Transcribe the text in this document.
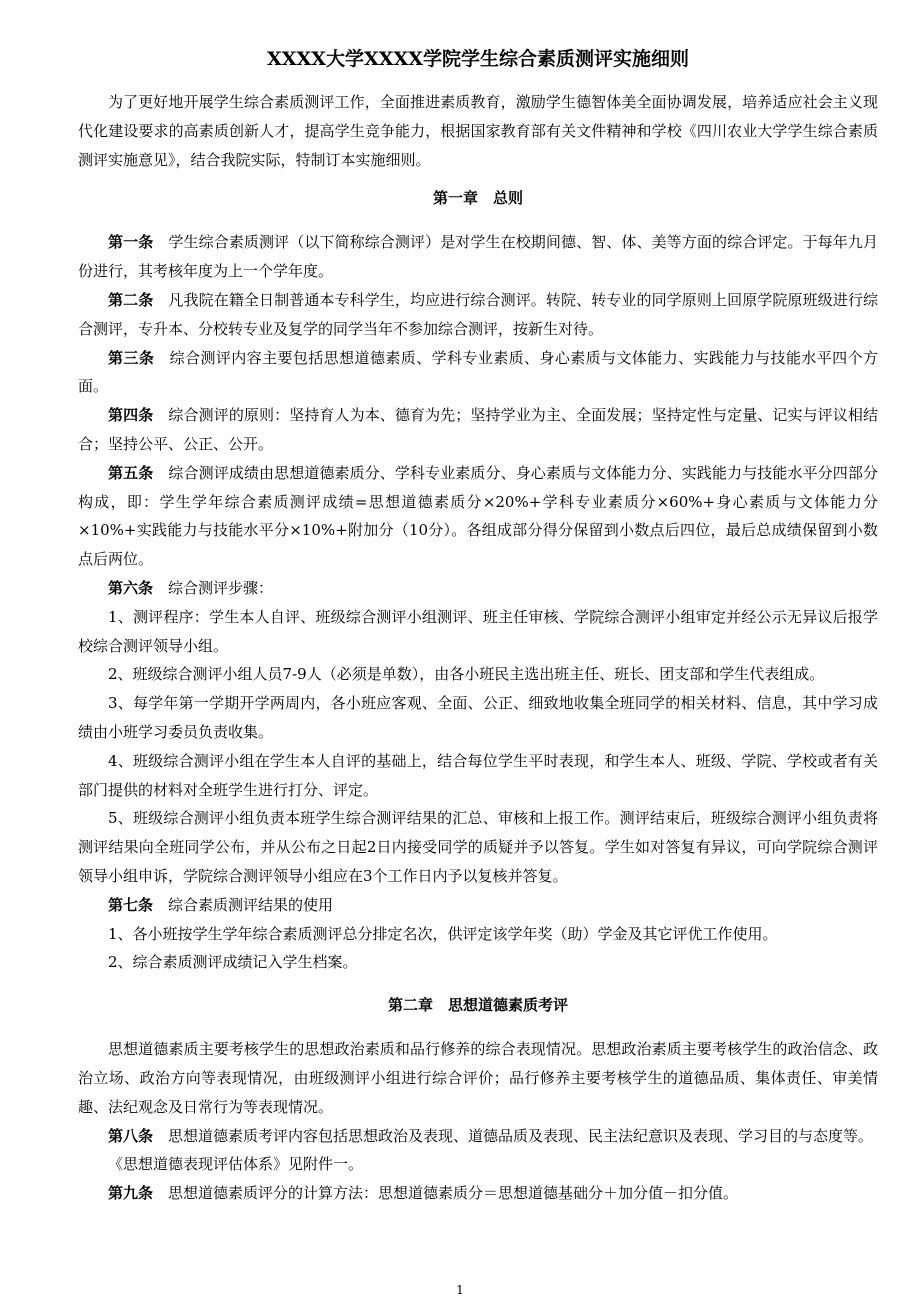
XXXX大学XXXX学院学生综合素质测评实施细则

为了更好地开展学生综合素质测评工作，全面推进素质教育，激励学生德智体美全面协调发展，培养适应社会主义现代化建设要求的高素质创新人才，提高学生竞争能力，根据国家教育部有关文件精神和学校《四川农业大学学生综合素质测评实施意见》，结合我院实际，特制订本实施细则。

第一章　总则

第一条　 学生综合素质测评（以下简称综合测评）是对学生在校期间德、智、体、美等方面的综合评定。于每年九月份进行，其考核年度为上一个学年度。

第二条　 凡我院在籍全日制普通本专科学生，均应进行综合测评。转院、转专业的同学原则上回原学院原班级进行综合测评，专升本、分校转专业及复学的同学当年不参加综合测评，按新生对待。

第三条　 综合测评内容主要包括思想道德素质、学科专业素质、身心素质与文体能力、实践能力与技能水平四个方面。

第四条　 综合测评的原则：坚持育人为本、德育为先；坚持学业为主、全面发展；坚持定性与定量、记实与评议相结合；坚持公平、公正、公开。

第五条　 综合测评成绩由思想道德素质分、学科专业素质分、身心素质与文体能力分、实践能力与技能水平分四部分构成，即：学生学年综合素质测评成绩=思想道德素质分×20%+学科专业素质分×60%+身心素质与文体能力分×10%+实践能力与技能水平分×10%+附加分（10分）。各组成部分得分保留到小数点后四位，最后总成绩保留到小数点后两位。

第六条　 综合测评步骤：

1、测评程序：学生本人自评、班级综合测评小组测评、班主任审核、学院综合测评小组审定并经公示无异议后报学校综合测评领导小组。

2、班级综合测评小组人员7-9人（必须是单数），由各小班民主选出班主任、班长、团支部和学生代表组成。

3、每学年第一学期开学两周内，各小班应客观、全面、公正、细致地收集全班同学的相关材料、信息，其中学习成绩由小班学习委员负责收集。

4、班级综合测评小组在学生本人自评的基础上，结合每位学生平时表现，和学生本人、班级、学院、学校或者有关部门提供的材料对全班学生进行打分、评定。

5、班级综合测评小组负责本班学生综合测评结果的汇总、审核和上报工作。测评结束后，班级综合测评小组负责将测评结果向全班同学公布，并从公布之日起2日内接受同学的质疑并予以答复。学生如对答复有异议，可向学院综合测评领导小组申诉，学院综合测评领导小组应在3个工作日内予以复核并答复。

第七条　 综合素质测评结果的使用

1、各小班按学生学年综合素质测评总分排定名次，供评定该学年奖（助）学金及其它评优工作使用。

2、综合素质测评成绩记入学生档案。

第二章　思想道德素质考评

思想道德素质主要考核学生的思想政治素质和品行修养的综合表现情况。思想政治素质主要考核学生的政治信念、政治立场、政治方向等表现情况，由班级测评小组进行综合评价；品行修养主要考核学生的道德品质、集体责任、审美情趣、法纪观念及日常行为等表现情况。

第八条　 思想道德素质考评内容包括思想政治及表现、道德品质及表现、民主法纪意识及表现、学习目的与态度等。

《思想道德表现评估体系》见附件一。

第九条　 思想道德素质评分的计算方法：思想道德素质分＝思想道德基础分＋加分值－扣分值。

1
